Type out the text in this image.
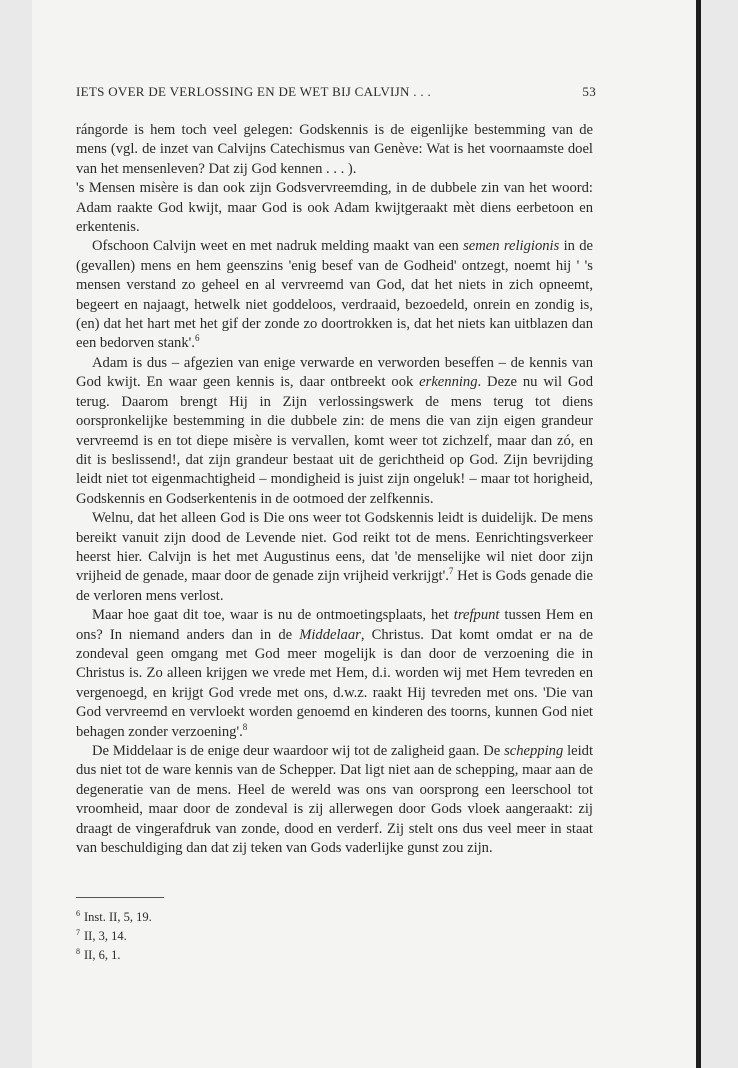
IETS OVER DE VERLOSSING EN DE WET BIJ CALVIJN . . .	53

rángorde is hem toch veel gelegen: Godskennis is de eigenlijke bestemming van de mens (vgl. de inzet van Calvijns Catechismus van Genève: Wat is het voornaamste doel van het mensenleven? Dat zij God kennen . . . ).

's Mensen misère is dan ook zijn Godsvervreemding, in de dubbele zin van het woord: Adam raakte God kwijt, maar God is ook Adam kwijtgeraakt mèt diens eerbetoon en erkentenis.

Ofschoon Calvijn weet en met nadruk melding maakt van een semen religionis in de (gevallen) mens en hem geenszins 'enig besef van de Godheid' ontzegt, noemt hij ' 's mensen verstand zo geheel en al vervreemd van God, dat het niets in zich opneemt, begeert en najaagt, hetwelk niet goddeloos, verdraaid, bezoedeld, onrein en zondig is, (en) dat het hart met het gif der zonde zo doortrokken is, dat het niets kan uitblazen dan een bedorven stank'.$^6$

Adam is dus – afgezien van enige verwarde en verworden beseffen – de kennis van God kwijt. En waar geen kennis is, daar ontbreekt ook erkenning. Deze nu wil God terug. Daarom brengt Hij in Zijn verlossingswerk de mens terug tot diens oorspronkelijke bestemming in die dubbele zin: de mens die van zijn eigen grandeur vervreemd is en tot diepe misère is vervallen, komt weer tot zichzelf, maar dan zó, en dit is beslissend!, dat zijn grandeur bestaat uit de gerichtheid op God. Zijn bevrijding leidt niet tot eigenmachtigheid – mondigheid is juist zijn ongeluk! – maar tot horigheid, Godskennis en Godserkentenis in de ootmoed der zelfkennis.

Welnu, dat het alleen God is Die ons weer tot Godskennis leidt is duidelijk. De mens bereikt vanuit zijn dood de Levende niet. God reikt tot de mens. Eenrichtingsverkeer heerst hier. Calvijn is het met Augustinus eens, dat 'de menselijke wil niet door zijn vrijheid de genade, maar door de genade zijn vrijheid verkrijgt'.$^7$ Het is Gods genade die de verloren mens verlost.

Maar hoe gaat dit toe, waar is nu de ontmoetingsplaats, het trefpunt tussen Hem en ons? In niemand anders dan in de Middelaar, Christus. Dat komt omdat er na de zondeval geen omgang met God meer mogelijk is dan door de verzoening die in Christus is. Zo alleen krijgen we vrede met Hem, d.i. worden wij met Hem tevreden en vergenoegd, en krijgt God vrede met ons, d.w.z. raakt Hij tevreden met ons. 'Die van God vervreemd en vervloekt worden genoemd en kinderen des toorns, kunnen God niet behagen zonder verzoening'.$^8$

De Middelaar is de enige deur waardoor wij tot de zaligheid gaan. De schepping leidt dus niet tot de ware kennis van de Schepper. Dat ligt niet aan de schepping, maar aan de degeneratie van de mens. Heel de wereld was ons van oorsprong een leerschool tot vroomheid, maar door de zondeval is zij allerwegen door Gods vloek aangeraakt: zij draagt de vingerafdruk van zonde, dood en verderf. Zij stelt ons dus veel meer in staat van beschuldiging dan dat zij teken van Gods vaderlijke gunst zou zijn.

$^6$ Inst. II, 5, 19.
$^7$ II, 3, 14.
$^8$ II, 6, 1.
